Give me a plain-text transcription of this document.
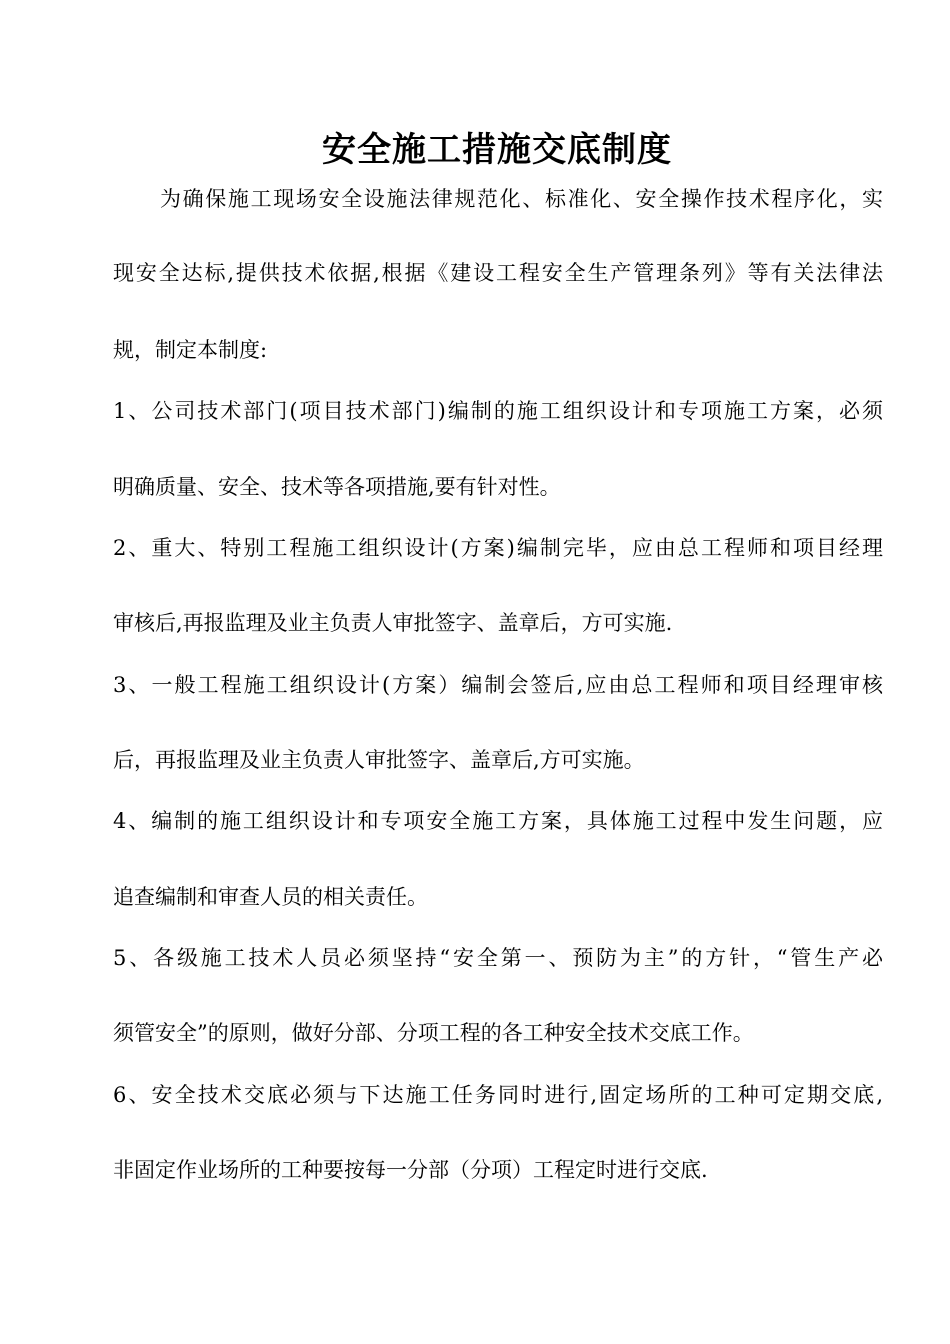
安全施工措施交底制度
为确保施工现场安全设施法律规范化、标准化、安全操作技术程序化，实
现安全达标,提供技术依据,根据《建设工程安全生产管理条列》等有关法律法
规，制定本制度:
1、公司技术部门(项目技术部门)编制的施工组织设计和专项施工方案，必须
明确质量、安全、技术等各项措施,要有针对性。
2、重大、特别工程施工组织设计(方案)编制完毕，应由总工程师和项目经理
审核后,再报监理及业主负责人审批签字、盖章后，方可实施.
3、一般工程施工组织设计(方案）编制会签后,应由总工程师和项目经理审核
后，再报监理及业主负责人审批签字、盖章后,方可实施。
4、编制的施工组织设计和专项安全施工方案，具体施工过程中发生问题，应
追查编制和审查人员的相关责任。
5、各级施工技术人员必须坚持“安全第一、预防为主”的方针，“管生产必
须管安全”的原则，做好分部、分项工程的各工种安全技术交底工作。
6、安全技术交底必须与下达施工任务同时进行,固定场所的工种可定期交底,
非固定作业场所的工种要按每一分部（分项）工程定时进行交底.
